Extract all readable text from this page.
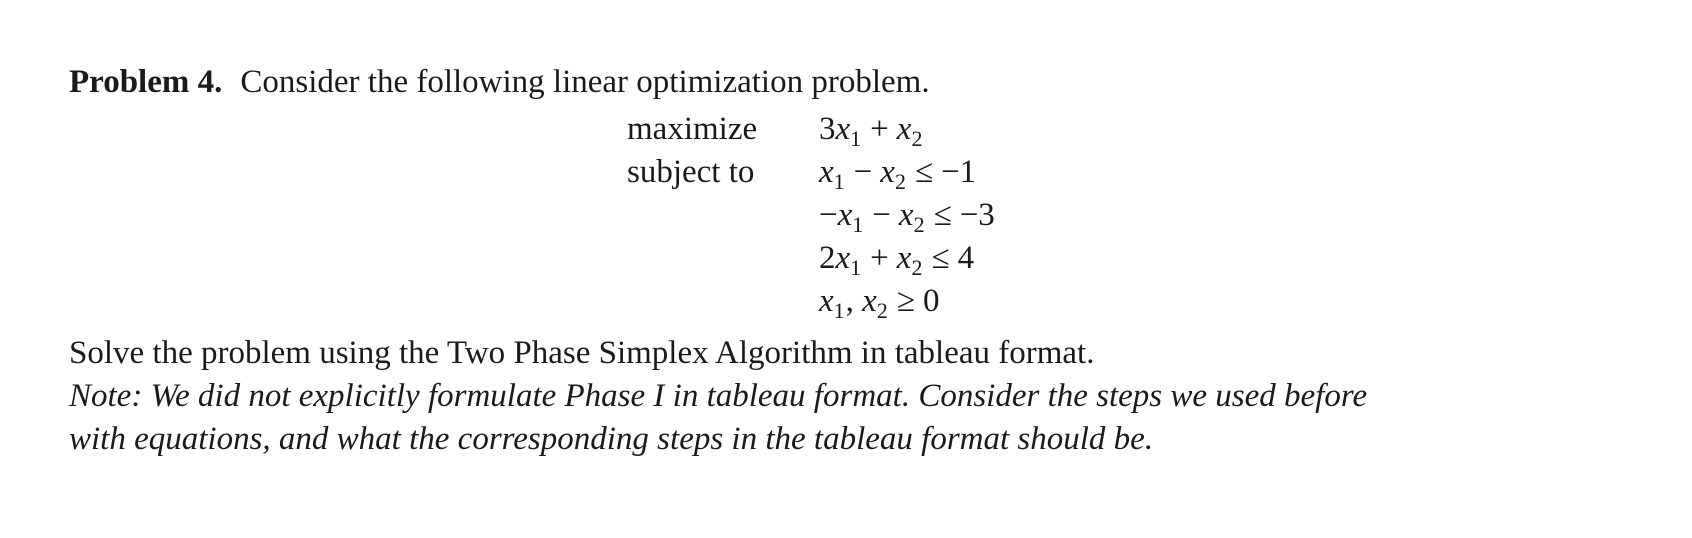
Problem 4. Consider the following linear optimization problem.
maximize $3x_1 + x_2$
subject to $x_1 - x_2 \le -1$
$-x_1 - x_2 \le -3$
$2x_1 + x_2 \le 4$
$x_1$, $x_2 \ge 0$
Solve the problem using the Two Phase Simplex Algorithm in tableau format.
Note: We did not explicitly formulate Phase I in tableau format. Consider the steps we used before
with equations, and what the corresponding steps in the tableau format should be.
